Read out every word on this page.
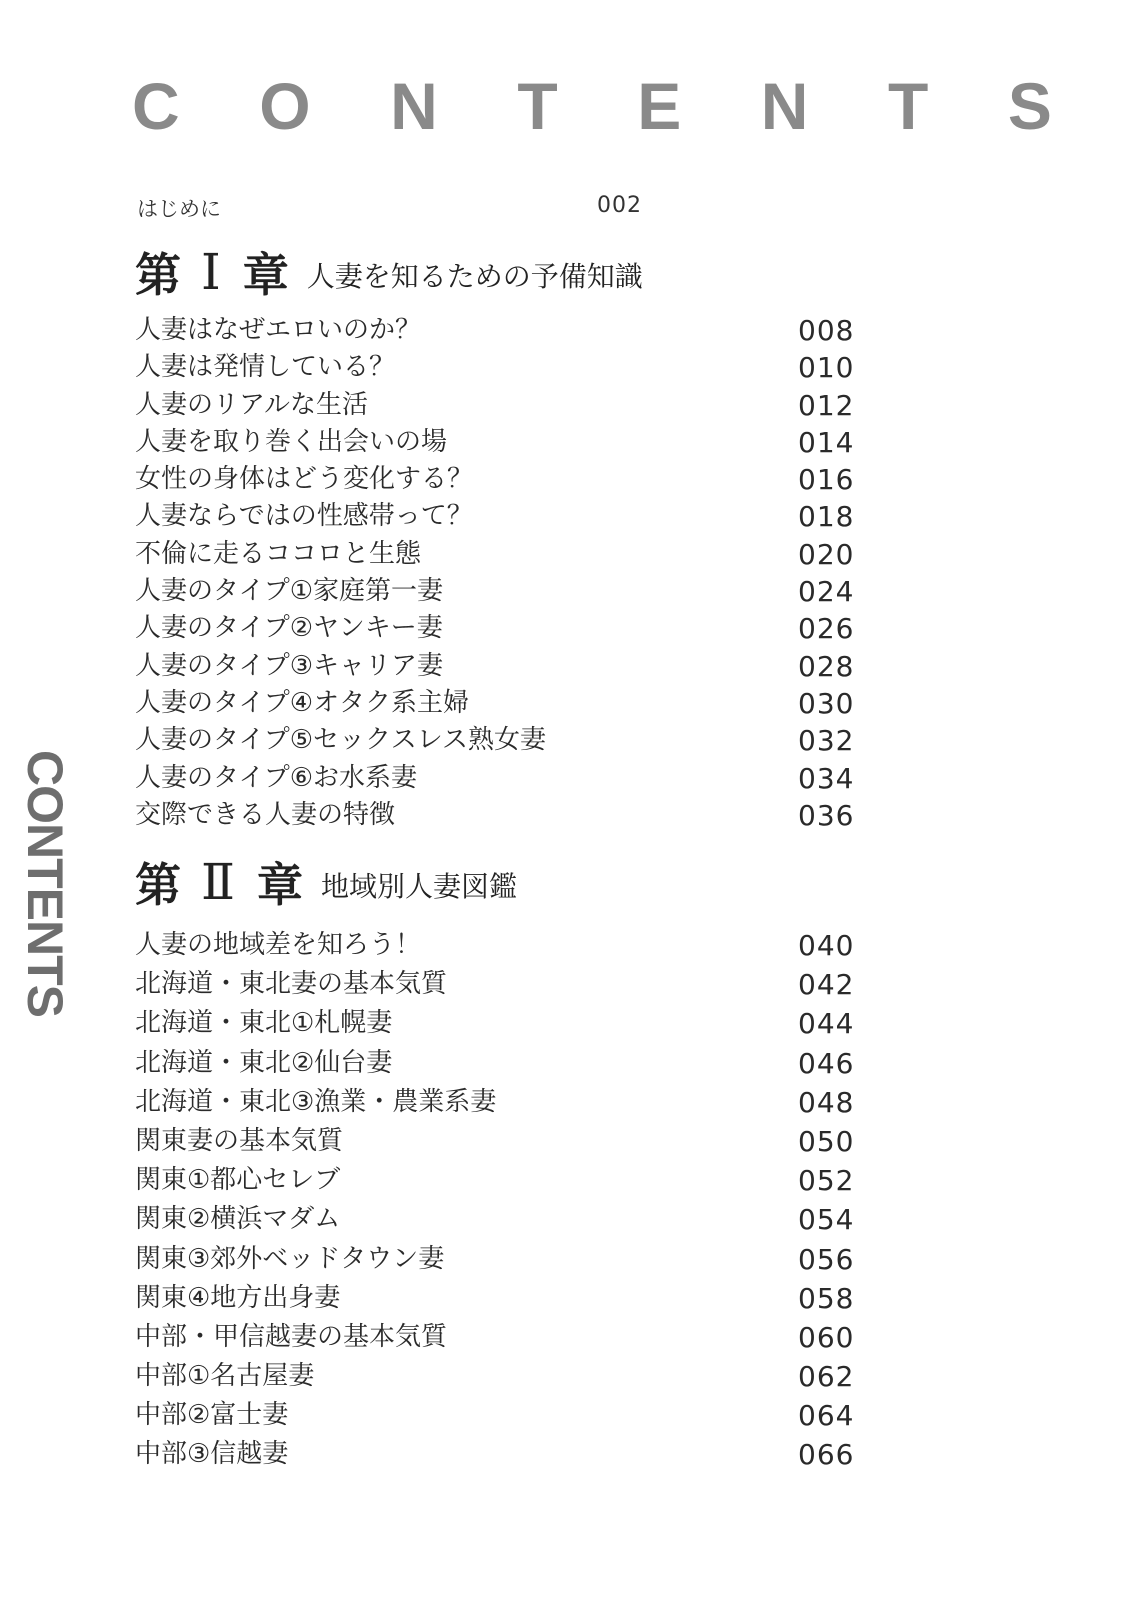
C O N T E N T S
CONTENTS
はじめに	002
第 Ⅰ 章 人妻を知るための予備知識
人妻はなぜエロいのか？	008
人妻は発情している？	010
人妻のリアルな生活	012
人妻を取り巻く出会いの場	014
女性の身体はどう変化する？	016
人妻ならではの性感帯って？	018
不倫に走るココロと生態	020
人妻のタイプ①家庭第一妻	024
人妻のタイプ②ヤンキー妻	026
人妻のタイプ③キャリア妻	028
人妻のタイプ④オタク系主婦	030
人妻のタイプ⑤セックスレス熟女妻	032
人妻のタイプ⑥お水系妻	034
交際できる人妻の特徴	036
第 Ⅱ 章 地域別人妻図鑑
人妻の地域差を知ろう！	040
北海道・東北妻の基本気質	042
北海道・東北①札幌妻	044
北海道・東北②仙台妻	046
北海道・東北③漁業・農業系妻	048
関東妻の基本気質	050
関東①都心セレブ	052
関東②横浜マダム	054
関東③郊外ベッドタウン妻	056
関東④地方出身妻	058
中部・甲信越妻の基本気質	060
中部①名古屋妻	062
中部②富士妻	064
中部③信越妻	066
